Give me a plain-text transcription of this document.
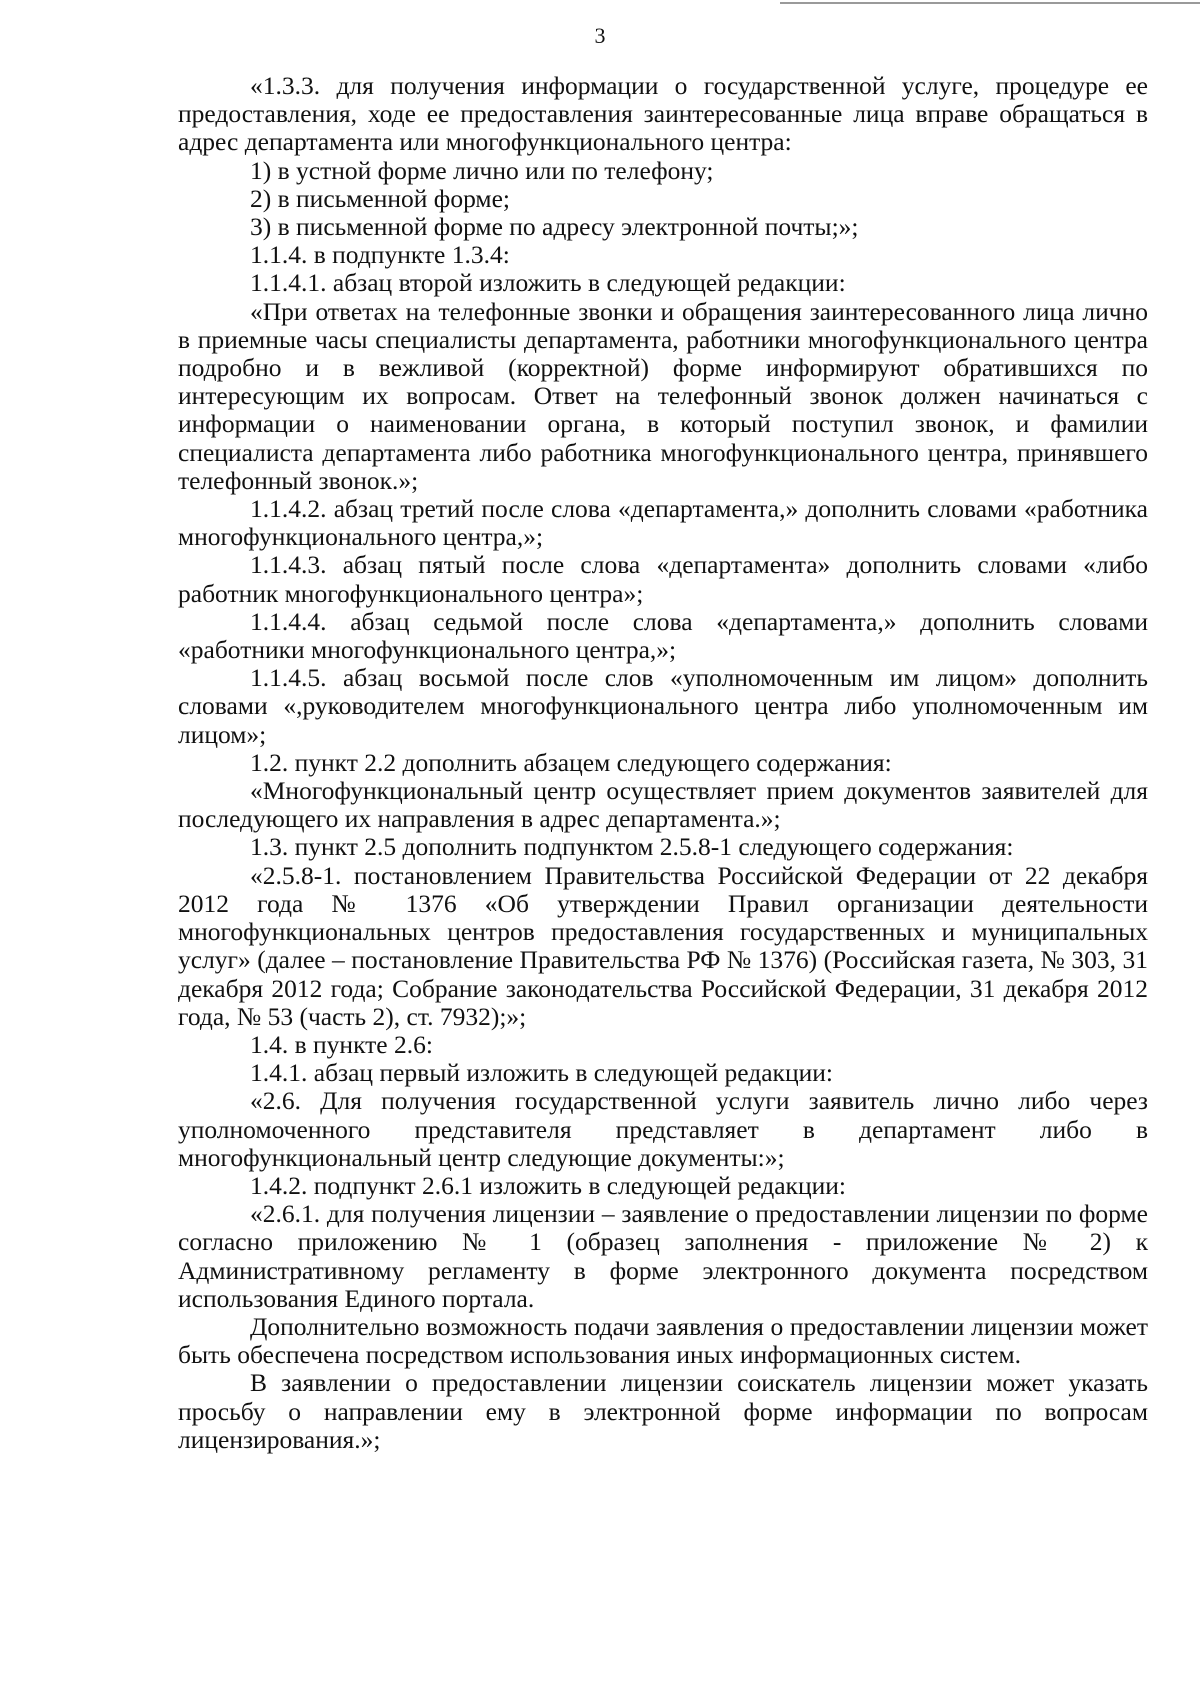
3

«1.3.3. для получения информации о государственной услуге, процедуре ее предоставления, ходе ее предоставления заинтересованные лица вправе обращаться в адрес департамента или многофункционального центра:

1) в устной форме лично или по телефону;

2) в письменной форме;

3) в письменной форме по адресу электронной почты;»;

1.1.4. в подпункте 1.3.4:

1.1.4.1. абзац второй изложить в следующей редакции:

«При ответах на телефонные звонки и обращения заинтересованного лица лично в приемные часы специалисты департамента, работники многофункционального центра подробно и в вежливой (корректной) форме информируют обратившихся по интересующим их вопросам. Ответ на телефонный звонок должен начинаться с информации о наименовании органа, в который поступил звонок, и фамилии специалиста департамента либо работника многофункционального центра, принявшего телефонный звонок.»;

1.1.4.2. абзац третий после слова «департамента,» дополнить словами «работника многофункционального центра,»;

1.1.4.3. абзац пятый после слова «департамента» дополнить словами «либо работник многофункционального центра»;

1.1.4.4. абзац седьмой после слова «департамента,» дополнить словами «работники многофункционального центра,»;

1.1.4.5. абзац восьмой после слов «уполномоченным им лицом» дополнить словами «,руководителем многофункционального центра либо уполномоченным им лицом»;

1.2. пункт 2.2 дополнить абзацем следующего содержания:

«Многофункциональный центр осуществляет прием документов заявителей для последующего их направления в адрес департамента.»;

1.3. пункт 2.5 дополнить подпунктом 2.5.8-1 следующего содержания:

«2.5.8-1. постановлением Правительства Российской Федерации от 22 декабря 2012 года № 1376 «Об утверждении Правил организации деятельности многофункциональных центров предоставления государственных и муниципальных услуг» (далее – постановление Правительства РФ № 1376) (Российская газета, № 303, 31 декабря 2012 года; Собрание законодательства Российской Федерации, 31 декабря 2012 года, № 53 (часть 2), ст. 7932);»;

1.4. в пункте 2.6:

1.4.1. абзац первый изложить в следующей редакции:

«2.6. Для получения государственной услуги заявитель лично либо через уполномоченного представителя представляет в департамент либо в многофункциональный центр следующие документы:»;

1.4.2. подпункт 2.6.1 изложить в следующей редакции:

«2.6.1. для получения лицензии – заявление о предоставлении лицензии по форме согласно приложению № 1 (образец заполнения - приложение № 2) к Административному регламенту в форме электронного документа посредством использования Единого портала.

Дополнительно возможность подачи заявления о предоставлении лицензии может быть обеспечена посредством использования иных информационных систем.

В заявлении о предоставлении лицензии соискатель лицензии может указать просьбу о направлении ему в электронной форме информации по вопросам лицензирования.»;
